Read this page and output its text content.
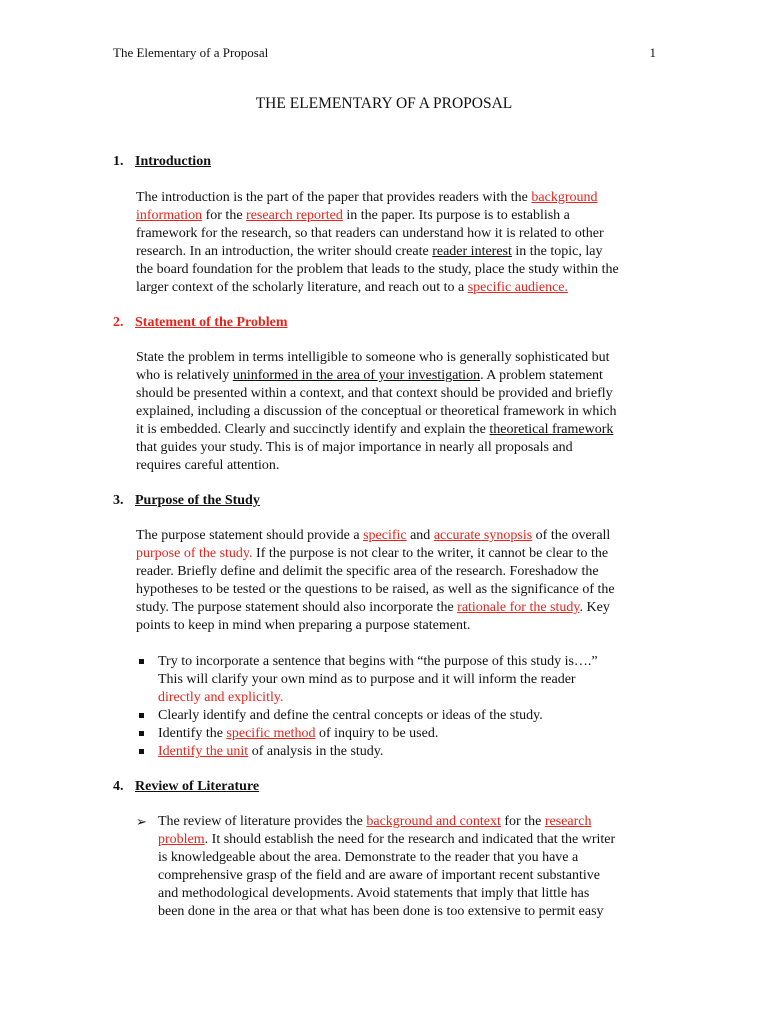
The Elementary of a Proposal	1
THE ELEMENTARY OF A PROPOSAL
1. Introduction
The introduction is the part of the paper that provides readers with the background
information for the research reported in the paper. Its purpose is to establish a
framework for the research, so that readers can understand how it is related to other
research. In an introduction, the writer should create reader interest in the topic, lay
the board foundation for the problem that leads to the study, place the study within the
larger context of the scholarly literature, and reach out to a specific audience.
2. Statement of the Problem
State the problem in terms intelligible to someone who is generally sophisticated but
who is relatively uninformed in the area of your investigation. A problem statement
should be presented within a context, and that context should be provided and briefly
explained, including a discussion of the conceptual or theoretical framework in which
it is embedded. Clearly and succinctly identify and explain the theoretical framework
that guides your study. This is of major importance in nearly all proposals and
requires careful attention.
3. Purpose of the Study
The purpose statement should provide a specific and accurate synopsis of the overall
purpose of the study. If the purpose is not clear to the writer, it cannot be clear to the
reader. Briefly define and delimit the specific area of the research. Foreshadow the
hypotheses to be tested or the questions to be raised, as well as the significance of the
study. The purpose statement should also incorporate the rationale for the study. Key
points to keep in mind when preparing a purpose statement.
Try to incorporate a sentence that begins with “the purpose of this study is….”
This will clarify your own mind as to purpose and it will inform the reader
directly and explicitly.
Clearly identify and define the central concepts or ideas of the study.
Identify the specific method of inquiry to be used.
Identify the unit of analysis in the study.
4. Review of Literature
➢ The review of literature provides the background and context for the research
problem. It should establish the need for the research and indicated that the writer
is knowledgeable about the area. Demonstrate to the reader that you have a
comprehensive grasp of the field and are aware of important recent substantive
and methodological developments. Avoid statements that imply that little has
been done in the area or that what has been done is too extensive to permit easy
